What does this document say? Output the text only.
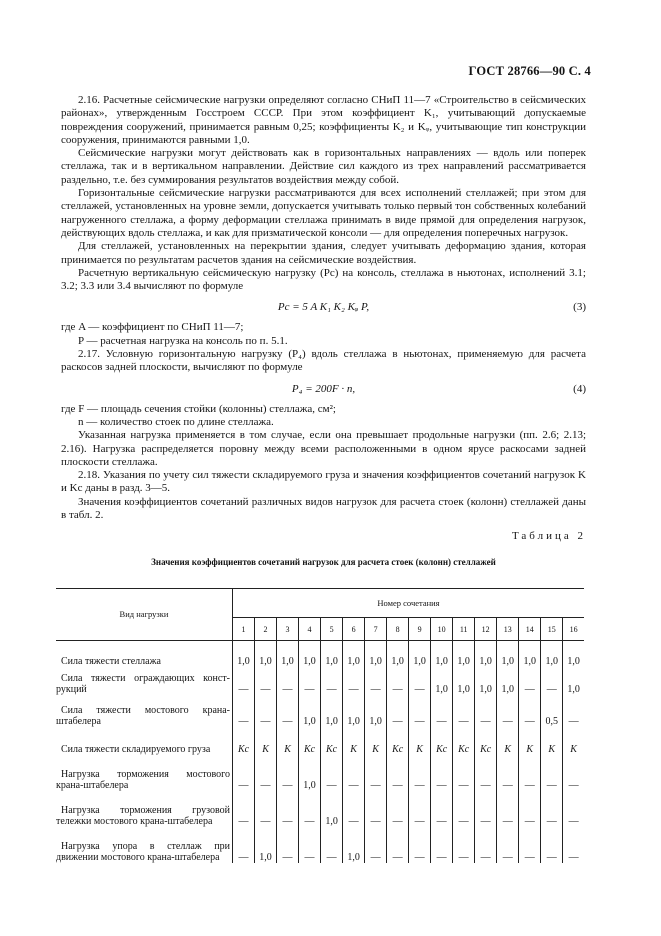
ГОСТ 28766—90 С. 4

2.16. Расчетные сейсмические нагрузки определяют согласно СНиП 11—7 «Строительство в сейсмических районах», утвержденным Госстроем СССР. При этом коэффициент K₁, учитывающий допускаемые повреждения сооружений, принимается равным 0,25; коэффициенты K₂ и Kᵩ, учитывающие тип конструкции сооружения, принимаются равными 1,0.

Сейсмические нагрузки могут действовать как в горизонтальных направлениях — вдоль или поперек стеллажа, так и в вертикальном направлении. Действие сил каждого из трех направлений рассматривается раздельно, т.е. без суммирования результатов воздействия между собой.

Горизонтальные сейсмические нагрузки рассматриваются для всех исполнений стеллажей; при этом для стеллажей, установленных на уровне земли, допускается учитывать только первый тон собственных колебаний нагруженного стеллажа, а форму деформации стеллажа принимать в виде прямой для определения нагрузок, действующих вдоль стеллажа, и как для призматической консоли — для определения поперечных нагрузок.

Для стеллажей, установленных на перекрытии здания, следует учитывать деформацию здания, которая принимается по результатам расчетов здания на сейсмические воздействия.

Расчетную вертикальную сейсмическую нагрузку (Pc) на консоль, стеллажа в ньютонах, исполнений 3.1; 3.2; 3.3 или 3.4 вычисляют по формуле

Pc = 5 A K₁ K₂ Kᵩ P,	(3)
где A — коэффициент по СНиП 11—7;
P — расчетная нагрузка на консоль по п. 5.1.

2.17. Условную горизонтальную нагрузку (P₄) вдоль стеллажа в ньютонах, применяемую для расчета раскосов задней плоскости, вычисляют по формуле

P₄ = 200F · n,	(4)
где F — площадь сечения стойки (колонны) стеллажа, см²;
n — количество стоек по длине стеллажа.

Указанная нагрузка применяется в том случае, если она превышает продольные нагрузки (пп. 2.6; 2.13; 2.16). Нагрузка распределяется поровну между всеми расположенными в одном ярусе раскосами задней плоскости стеллажа.

2.18. Указания по учету сил тяжести складируемого груза и значения коэффициентов сочетаний нагрузок K и Kс даны в разд. 3—5.

Значения коэффициентов сочетаний различных видов нагрузок для расчета стоек (колонн) стеллажей даны в табл. 2.

Таблица 2
Значения коэффициентов сочетаний нагрузок для расчета стоек (колонн) стеллажей
Вид нагрузки	Номер сочетания															
	1	2	3	4	5	6	7	8	9	10	11	12	13	14	15	16
Сила тяжести стеллажа	1,0	1,0	1,0	1,0	1,0	1,0	1,0	1,0	1,0	1,0	1,0	1,0	1,0	1,0	1,0	1,0

Сила тяжести ограждающих конст-
рукций	—	—	—	—	—	—	—	—	—	1,0	1,0	1,0	1,0	—	—	1,0

Сила тяжести мостового крана-
штабелера	—	—	—	1,0	1,0	1,0	1,0	—	—	—	—	—	—	—	0,5	—
Сила тяжести складируемого груза	Kс	K	K	Kс	Kс	K	K	Kс	K	Kс	Kс	Kс	K	K	K	K

Нагрузка торможения мостового
крана-штабелера	—	—	—	1,0	—	—	—	—	—	—	—	—	—	—	—	—

Нагрузка торможения грузовой
тележки мостового крана-штабелера	—	—	—	—	1,0	—	—	—	—	—	—	—	—	—	—	—

Нагрузка упора в стеллаж при
движении мостового крана-штабелера	—	1,0	—	—	—	1,0	—	—	—	—	—	—	—	—	—	—
